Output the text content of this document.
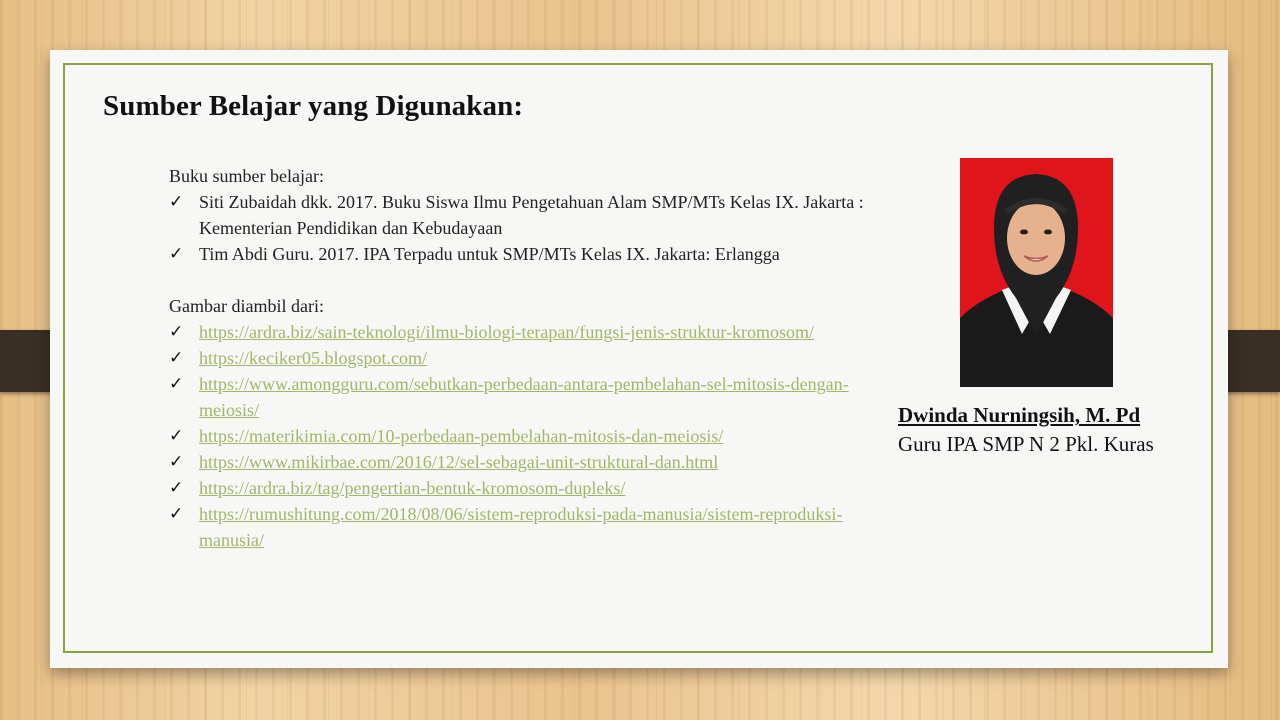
Sumber Belajar yang Digunakan:
Buku sumber belajar:
✓ Siti Zubaidah dkk. 2017. Buku Siswa Ilmu Pengetahuan Alam SMP/MTs Kelas IX. Jakarta : Kementerian Pendidikan dan Kebudayaan
✓ Tim Abdi Guru. 2017. IPA Terpadu untuk SMP/MTs Kelas IX. Jakarta: Erlangga
Gambar diambil dari:
✓ https://ardra.biz/sain-teknologi/ilmu-biologi-terapan/fungsi-jenis-struktur-kromosom/
✓ https://keciker05.blogspot.com/
✓ https://www.amongguru.com/sebutkan-perbedaan-antara-pembelahan-sel-mitosis-dengan-meiosis/
✓ https://materikimia.com/10-perbedaan-pembelahan-mitosis-dan-meiosis/
✓ https://www.mikirbae.com/2016/12/sel-sebagai-unit-struktural-dan.html
✓ https://ardra.biz/tag/pengertian-bentuk-kromosom-dupleks/
✓ https://rumushitung.com/2018/08/06/sistem-reproduksi-pada-manusia/sistem-reproduksi-manusia/
Dwinda Nurningsih, M. Pd
Guru IPA SMP N 2 Pkl. Kuras
